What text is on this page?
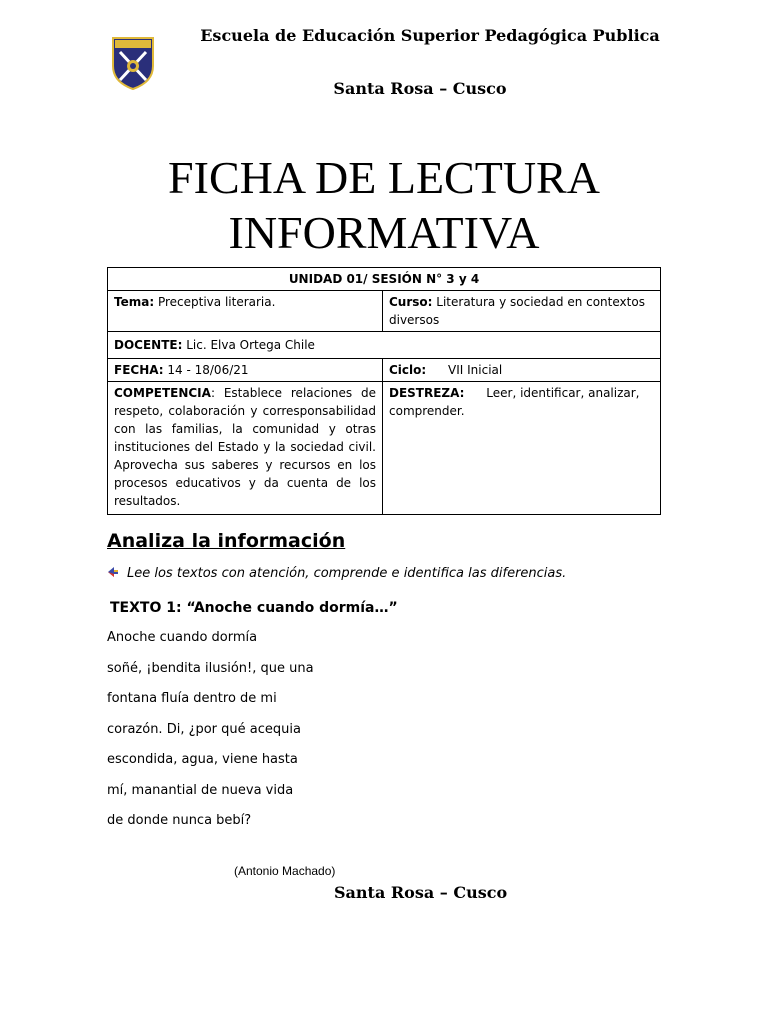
Escuela de Educación Superior Pedagógica Publica
Santa Rosa – Cusco
FICHA DE LECTURA
INFORMATIVA
UNIDAD 01/ SESIÓN N° 3 y 4	
Tema: Preceptiva literaria.	Curso: Literatura y sociedad en contextos diversos
DOCENTE: Lic. Elva Ortega Chile	
FECHA: 14 - 18/06/21	Ciclo: VII Inicial
COMPETENCIA: Establece relaciones de respeto, colaboración y corresponsabilidad con las familias, la comunidad y otras instituciones del Estado y la sociedad civil. Aprovecha sus saberes y recursos en los procesos educativos y da cuenta de los resultados.	DESTREZA: Leer, identificar, analizar, comprender.
Analiza la información
Lee los textos con atención, comprende e identifica las diferencias.
TEXTO 1: “Anoche cuando dormía…”
Anoche cuando dormía
soñé, ¡bendita ilusión!, que una
fontana fluía dentro de mi
corazón. Di, ¿por qué acequia
escondida, agua, viene hasta
mí, manantial de nueva vida
de donde nunca bebí?
(Antonio Machado)
Santa Rosa – Cusco
